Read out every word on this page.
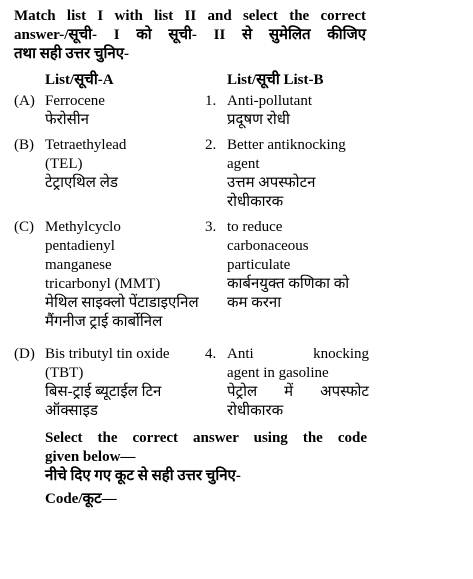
Match list I with list II and select the correct
answer-/सूची- I को सूची- II से सुमेलित कीजिए
तथा सही उत्तर चुनिए-
List/सूची-A	List/सूची List-B
(A) Ferrocene
फेरोसीन
1. Anti-pollutant
प्रदूषण रोधी
(B) Tetraethylead
(TEL)
टेट्राएथिल लेड
2. Better antiknocking
agent
उत्तम अपस्फोटन
रोधीकारक
(C) Methylcyclo
pentadienyl
manganese
tricarbonyl (MMT)
मेथिल साइक्लो पेंटाडाइएनिल
मैंगनीज ट्राई कार्बोनिल
3. to reduce
carbonaceous
particulate
कार्बनयुक्त कणिका को
कम करना
(D) Bis tributyl tin oxide
(TBT)
बिस-ट्राई ब्यूटाईल टिन
ऑक्साइड
4. Anti knocking
agent in gasoline
पेट्रोल में अपस्फोट
रोधीकारक
Select the correct answer using the code
given below—
नीचे दिए गए कूट से सही उत्तर चुनिए-
Code/कूट—
